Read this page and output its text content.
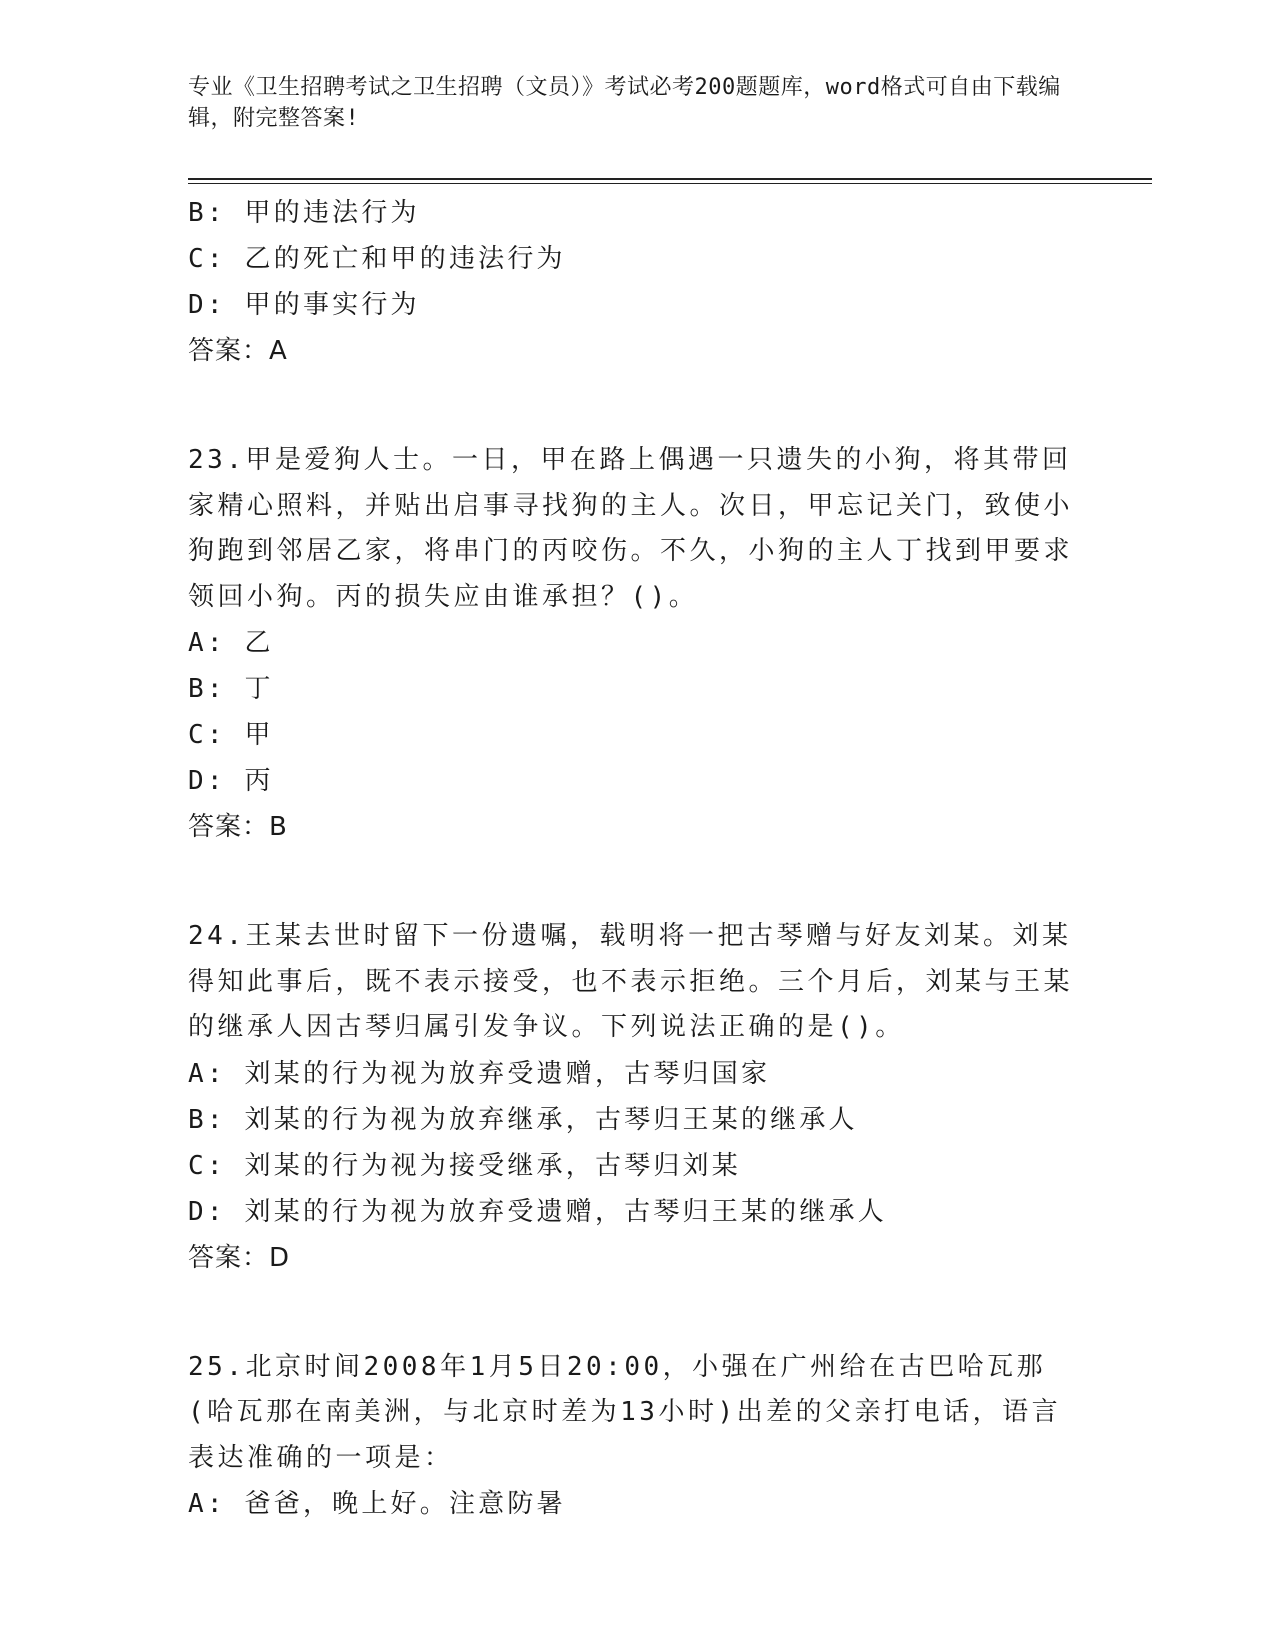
专业《卫生招聘考试之卫生招聘（文员）》考试必考200题题库，word格式可自由下载编辑，附完整答案!
B: 甲的违法行为
C: 乙的死亡和甲的违法行为
D: 甲的事实行为
答案：A
23.甲是爱狗人士。一日，甲在路上偶遇一只遗失的小狗，将其带回家精心照料，并贴出启事寻找狗的主人。次日，甲忘记关门，致使小狗跑到邻居乙家，将串门的丙咬伤。不久，小狗的主人丁找到甲要求领回小狗。丙的损失应由谁承担？()。
A: 乙
B: 丁
C: 甲
D: 丙
答案：B
24.王某去世时留下一份遗嘱，载明将一把古琴赠与好友刘某。刘某得知此事后，既不表示接受，也不表示拒绝。三个月后，刘某与王某的继承人因古琴归属引发争议。下列说法正确的是()。
A: 刘某的行为视为放弃受遗赠，古琴归国家
B: 刘某的行为视为放弃继承，古琴归王某的继承人
C: 刘某的行为视为接受继承，古琴归刘某
D: 刘某的行为视为放弃受遗赠，古琴归王某的继承人
答案：D
25.北京时间2008年1月5日20:00，小强在广州给在古巴哈瓦那(哈瓦那在南美洲，与北京时差为13小时)出差的父亲打电话，语言表达准确的一项是：
A: 爸爸，晚上好。注意防暑
